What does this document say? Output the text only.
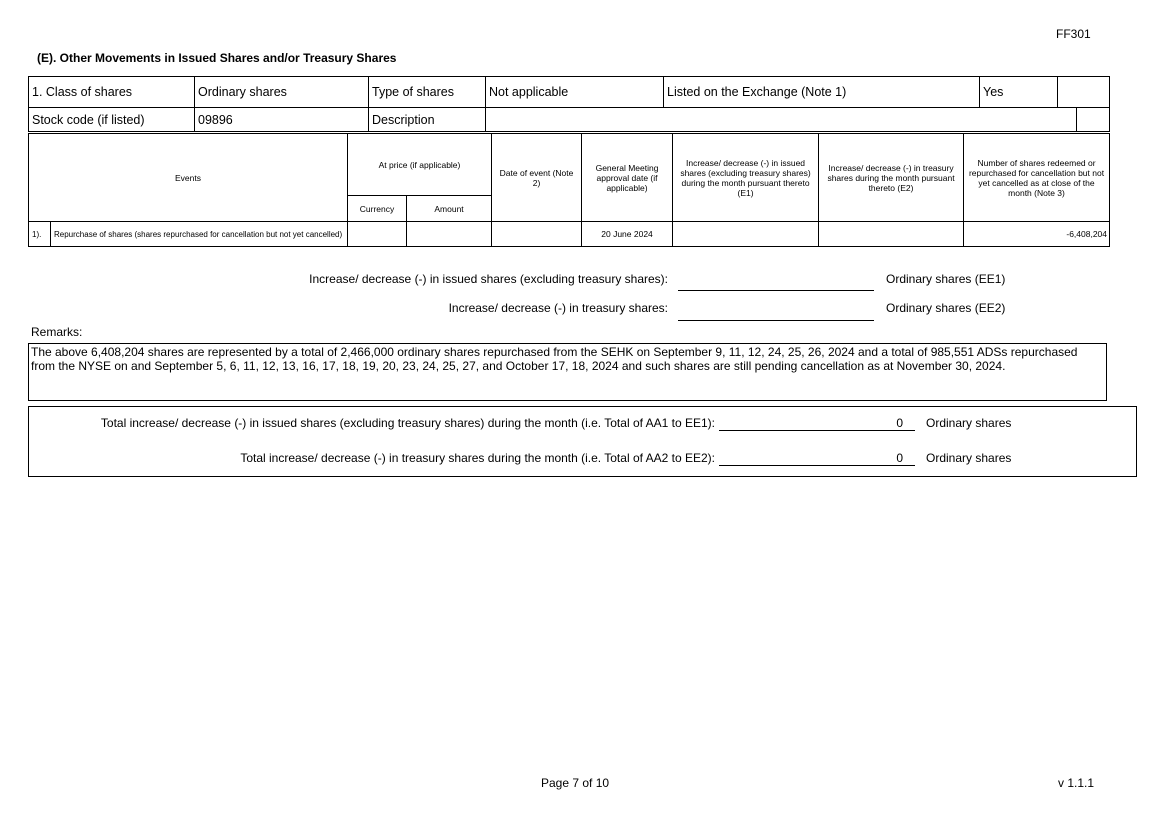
FF301
(E). Other Movements in Issued Shares and/or Treasury Shares
1. Class of shares	Ordinary shares	Type of shares	Not applicable	Listed on the Exchange (Note 1)	Yes		
Stock code (if listed)	09896	Description					
Events		At price (if applicable)		Date of event (Note 2)	General Meeting approval date (if applicable)	Increase/ decrease (-) in issued shares (excluding treasury shares) during the month pursuant thereto (E1)	Increase/ decrease (-) in treasury shares during the month pursuant thereto (E2)	Number of shares redeemed or repurchased for cancellation but not yet cancelled as at close of the month (Note 3)
		Currency	Amount					
1).	Repurchase of shares (shares repurchased for cancellation but not yet cancelled)				20 June 2024			-6,408,204
Increase/ decrease (-) in issued shares (excluding treasury shares):	Ordinary shares (EE1)
Increase/ decrease (-) in treasury shares:	Ordinary shares (EE2)
Remarks:
The above 6,408,204 shares are represented by a total of 2,466,000 ordinary shares repurchased from the SEHK on September 9, 11, 12, 24, 25, 26, 2024 and a total of 985,551 ADSs repurchased from the NYSE on and September 5, 6, 11, 12, 13, 16, 17, 18, 19, 20, 23, 24, 25, 27, and October 17, 18, 2024 and such shares are still pending cancellation as at November 30, 2024.
Total increase/ decrease (-) in issued shares (excluding treasury shares) during the month (i.e. Total of AA1 to EE1):	0	Ordinary shares
Total increase/ decrease (-) in treasury shares during the month (i.e. Total of AA2 to EE2):	0	Ordinary shares
Page 7 of 10	v 1.1.1
